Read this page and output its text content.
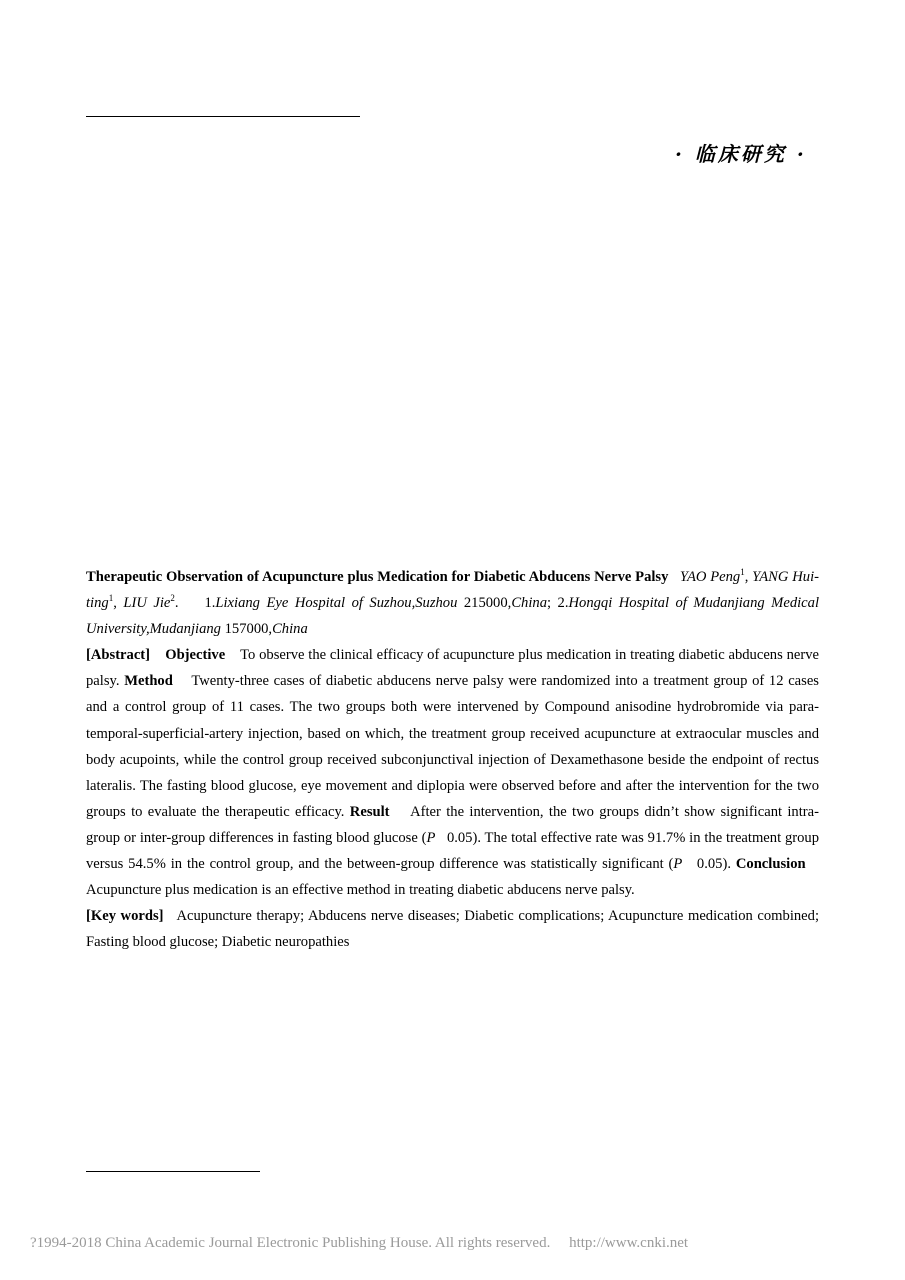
· 临床研究 ·

Therapeutic Observation of Acupuncture plus Medication for Diabetic Abducens Nerve Palsy YAO Peng$^1$, YANG Hui-ting$^1$, LIU Jie$^2$.    1.Lixiang Eye Hospital of Suzhou,Suzhou 215000,China; 2.Hongqi Hospital of Mudanjiang Medical University,Mudanjiang 157000,China

[Abstract] Objective To observe the clinical efficacy of acupuncture plus medication in treating diabetic abducens nerve palsy. Method Twenty-three cases of diabetic abducens nerve palsy were randomized into a treatment group of 12 cases and a control group of 11 cases. The two groups both were intervened by Compound anisodine hydrobromide via para-temporal-superficial-artery injection, based on which, the treatment group received acupuncture at extraocular muscles and body acupoints, while the control group received subconjunctival injection of Dexamethasone beside the endpoint of rectus lateralis. The fasting blood glucose, eye movement and diplopia were observed before and after the intervention for the two groups to evaluate the therapeutic efficacy. Result After the intervention, the two groups didn’t show significant intra-group or inter-group differences in fasting blood glucose (P   0.05). The total effective rate was 91.7% in the treatment group versus 54.5% in the control group, and the between-group difference was statistically significant (P   0.05). Conclusion    Acupuncture plus medication is an effective method in treating diabetic abducens nerve palsy.

[Key words] Acupuncture therapy; Abducens nerve diseases; Diabetic complications; Acupuncture medication combined; Fasting blood glucose; Diabetic neuropathies

?1994-2018 China Academic Journal Electronic Publishing House. All rights reserved. http://www.cnki.net
